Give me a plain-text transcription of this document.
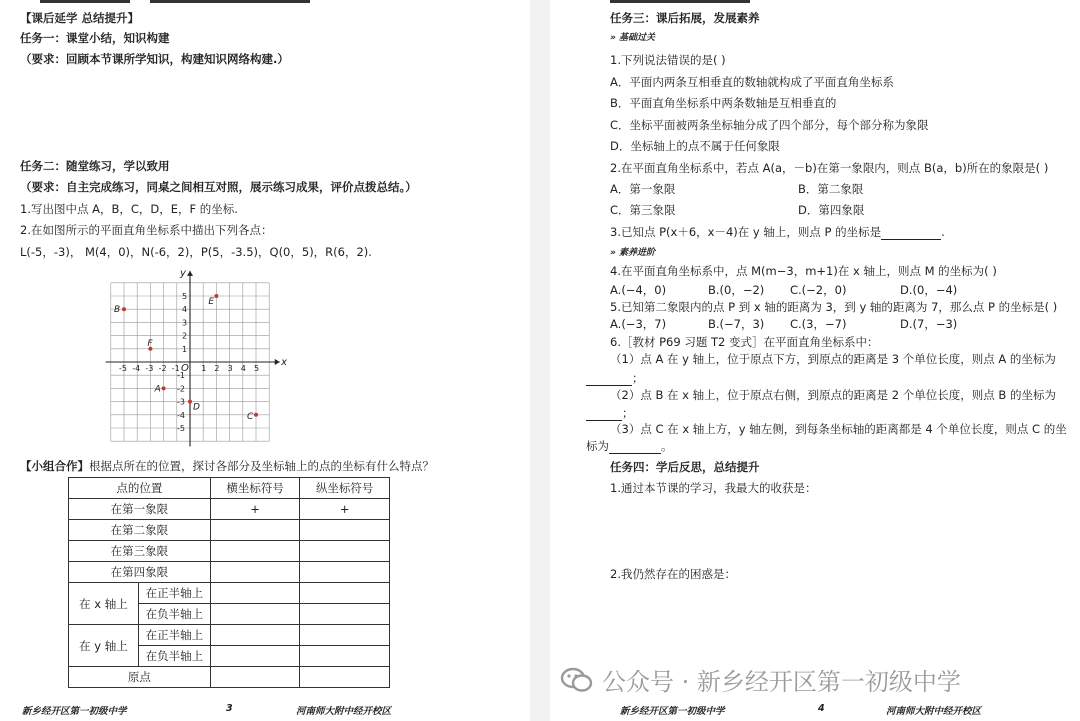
【课后延学 总结提升】
任务一：课堂小结，知识构建
（要求：回顾本节课所学知识，构建知识网络构建.）
任务二：随堂练习，学以致用
（要求：自主完成练习，同桌之间相互对照，展示练习成果，评价点拨总结。）
1.写出图中点 A，B，C，D，E，F 的坐标.
2.在如图所示的平面直角坐标系中描出下列各点：
L(-5，-3)， M(4，0)，N(-6，2)，P(5，-3.5)，Q(0，5)，R(6，2).
x
y
O
-5 -4 -3 -2 -1	1 2 3 4 5
5
4
3
2
1
-1
-2
-3
-4
-5
B
E
F
A
D
C
【小组合作】根据点所在的位置，探讨各部分及坐标轴上的点的坐标有什么特点？
点的位置		横坐标符号	纵坐标符号
在第一象限		+	+
在第二象限			
在第三象限			
在第四象限			
在 x 轴上	在正半轴上		
	在负半轴上		
在 y 轴上	在正半轴上		
	在负半轴上		
原点			
新乡经开区第一初级中学	3	河南师大附中经开校区
任务三：课后拓展，发展素养
» 基础过关
1.下列说法错误的是( )
A．平面内两条互相垂直的数轴就构成了平面直角坐标系
B．平面直角坐标系中两条数轴是互相垂直的
C．坐标平面被两条坐标轴分成了四个部分，每个部分称为象限
D．坐标轴上的点不属于任何象限
2.在平面直角坐标系中，若点 A(a，－b)在第一象限内，则点 B(a，b)所在的象限是( )
A．第一象限	B．第二象限
C．第三象限	D．第四象限
3.已知点 P(x＋6，x－4)在 y 轴上，则点 P 的坐标是	.
» 素养进阶
4.在平面直角坐标系中，点 M(m−3，m+1)在 x 轴上，则点 M 的坐标为( )
A.(−4，0)	B.(0，−2) C.(−2，0)	D.(0，−4)
5.已知第二象限内的点 P 到 x 轴的距离为 3，到 y 轴的距离为 7，那么点 P 的坐标是( )
A.(−3，7)	B.(−7，3) C.(3，−7)	D.(7，−3)
6.［教材 P69 习题 T2 变式］在平面直角坐标系中：
（1）点 A 在 y 轴上，位于原点下方，到原点的距离是 3 个单位长度，则点 A 的坐标为
；
（2）点 B 在 x 轴上，位于原点右侧，到原点的距离是 2 个单位长度，则点 B 的坐标为
；
（3）点 C 在 x 轴上方，y 轴左侧，到每条坐标轴的距离都是 4 个单位长度，则点 C 的坐
标为	。
任务四：学后反思，总结提升
1.通过本节课的学习，我最大的收获是：
2.我仍然存在的困惑是：
新乡经开区第一初级中学	4	河南师大附中经开校区
公众号 · 新乡经开区第一初级中学
